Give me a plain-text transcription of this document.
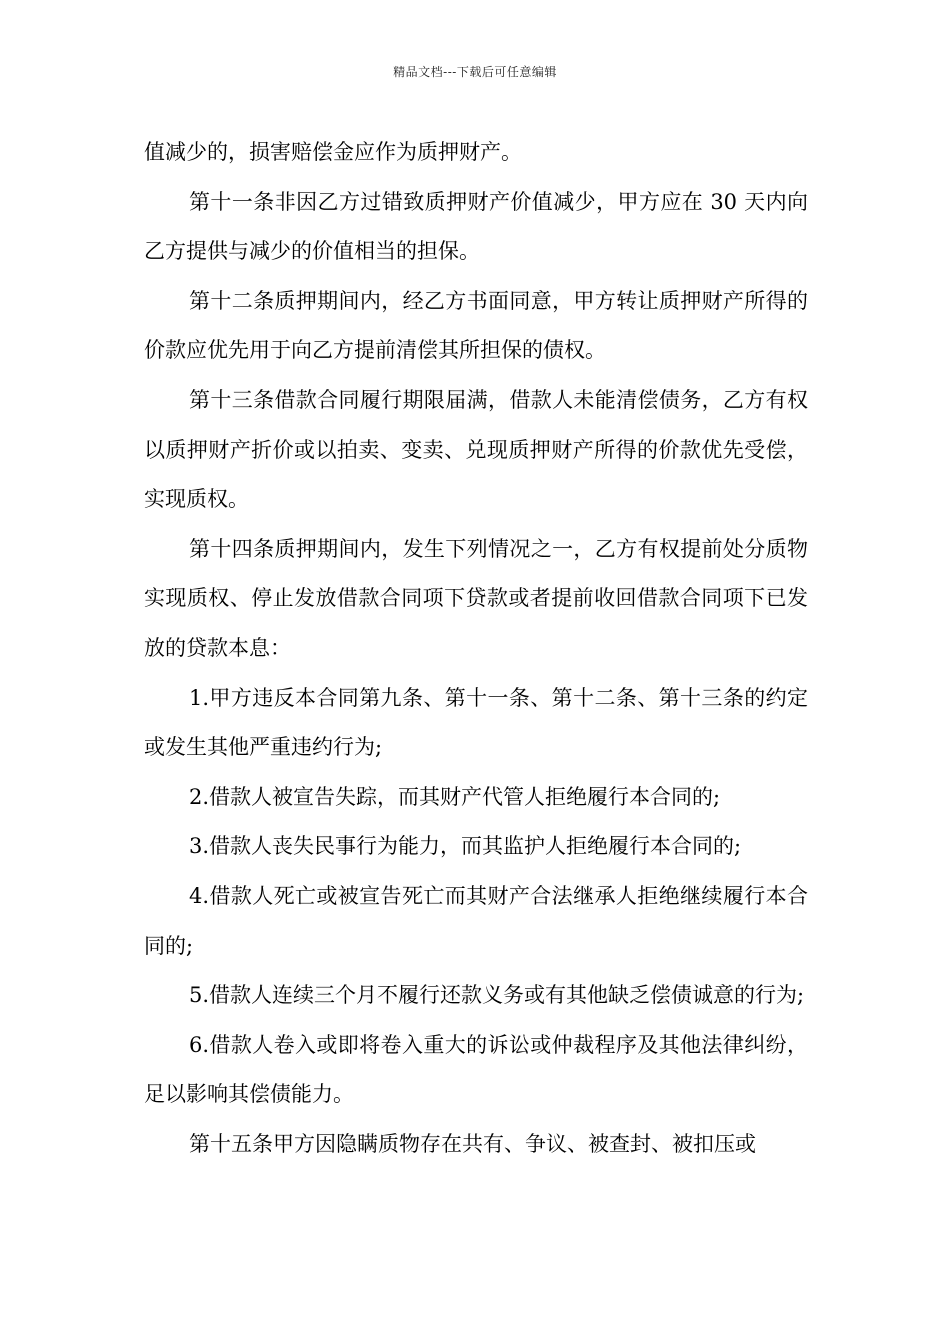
精品文档---下载后可任意编辑

值减少的，损害赔偿金应作为质押财产。

第十一条非因乙方过错致质押财产价值减少，甲方应在 30 天内向乙方提供与减少的价值相当的担保。

第十二条质押期间内，经乙方书面同意，甲方转让质押财产所得的价款应优先用于向乙方提前清偿其所担保的债权。

第十三条借款合同履行期限届满，借款人未能清偿债务，乙方有权以质押财产折价或以拍卖、变卖、兑现质押财产所得的价款优先受偿，实现质权。

第十四条质押期间内，发生下列情况之一，乙方有权提前处分质物实现质权、停止发放借款合同项下贷款或者提前收回借款合同项下已发放的贷款本息：

1.甲方违反本合同第九条、第十一条、第十二条、第十三条的约定或发生其他严重违约行为;

2.借款人被宣告失踪，而其财产代管人拒绝履行本合同的;

3.借款人丧失民事行为能力，而其监护人拒绝履行本合同的;

4.借款人死亡或被宣告死亡而其财产合法继承人拒绝继续履行本合同的;

5.借款人连续三个月不履行还款义务或有其他缺乏偿债诚意的行为;

6.借款人卷入或即将卷入重大的诉讼或仲裁程序及其他法律纠纷，足以影响其偿债能力。

第十五条甲方因隐瞒质物存在共有、争议、被查封、被扣压或
